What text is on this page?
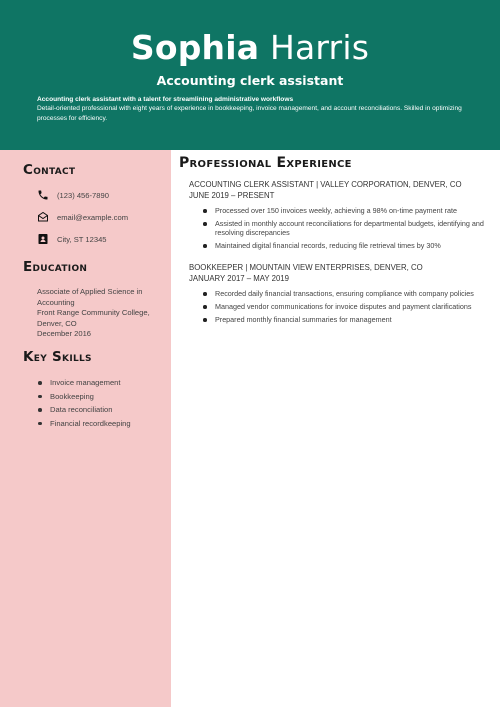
Sophia Harris
Accounting clerk assistant
Accounting clerk assistant with a talent for streamlining administrative workflows
Detail-oriented professional with eight years of experience in bookkeeping, invoice management, and account reconciliations. Skilled in optimizing processes for efficiency.
Contact
(123) 456-7890
email@example.com
City, ST 12345
Education
Associate of Applied Science in Accounting
Front Range Community College, Denver, CO
December 2016
Key Skills
Invoice management
Bookkeeping
Data reconciliation
Financial recordkeeping
Professional Experience
ACCOUNTING CLERK ASSISTANT | VALLEY CORPORATION, DENVER, CO
JUNE 2019 – PRESENT
Processed over 150 invoices weekly, achieving a 98% on-time payment rate
Assisted in monthly account reconciliations for departmental budgets, identifying and resolving discrepancies
Maintained digital financial records, reducing file retrieval times by 30%
BOOKKEEPER | MOUNTAIN VIEW ENTERPRISES, DENVER, CO
JANUARY 2017 – MAY 2019
Recorded daily financial transactions, ensuring compliance with company policies
Managed vendor communications for invoice disputes and payment clarifications
Prepared monthly financial summaries for management
